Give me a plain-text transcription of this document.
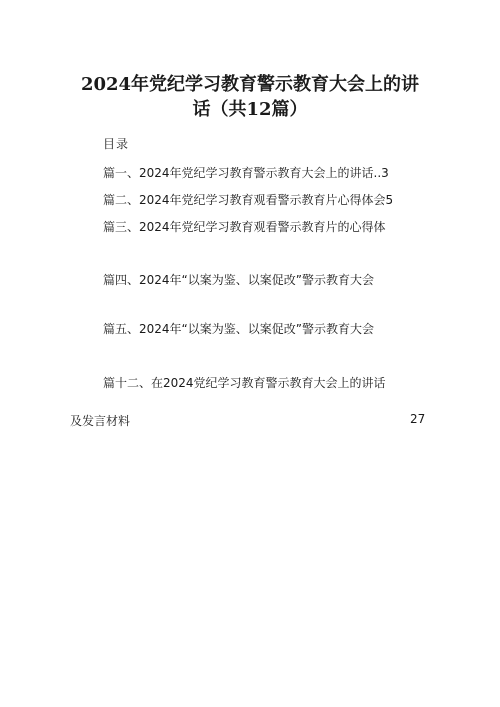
2024年党纪学习教育警示教育大会上的讲
话（共12篇）
目录
篇一、2024年党纪学习教育警示教育大会上的讲话..3
篇二、2024年党纪学习教育观看警示教育片心得体会5
篇三、2024年党纪学习教育观看警示教育片的心得体
篇四、2024年“以案为鉴、以案促改”警示教育大会
篇五、2024年“以案为鉴、以案促改”警示教育大会
篇十二、在2024党纪学习教育警示教育大会上的讲话
及发言材料	27
